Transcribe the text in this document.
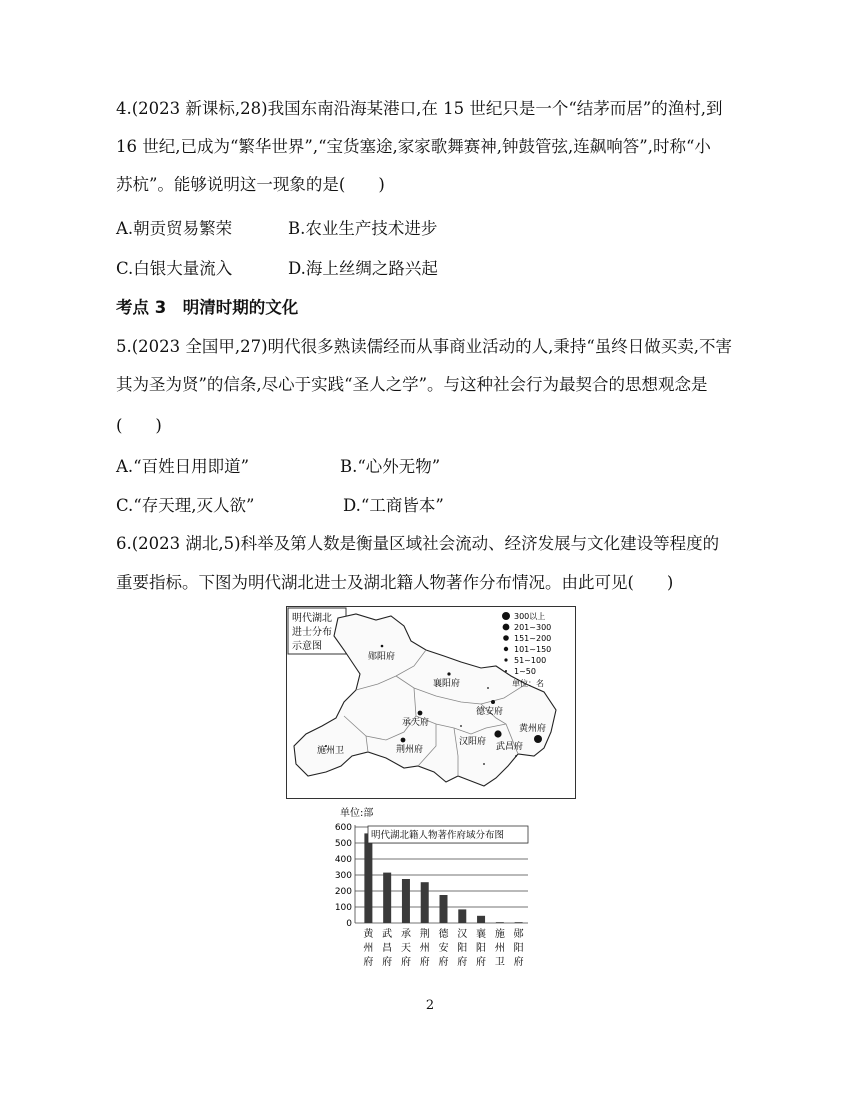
4.(2023 新课标,28)我国东南沿海某港口,在 15 世纪只是一个“结茅而居”的渔村,到
16 世纪,已成为“繁华世界”,“宝货塞途,家家歌舞赛神,钟鼓管弦,连飙响答”,时称“小
苏杭”。能够说明这一现象的是(　　)
A.朝贡贸易繁荣	B.农业生产技术进步
C.白银大量流入	D.海上丝绸之路兴起
考点 3　明清时期的文化
5.(2023 全国甲,27)明代很多熟读儒经而从事商业活动的人,秉持“虽终日做买卖,不害
其为圣为贤”的信条,尽心于实践“圣人之学”。与这种社会行为最契合的思想观念是
(　　)
A.“百姓日用即道”	B.“心外无物”
C.“存天理,灭人欲”	D.“工商皆本”
6.(2023 湖北,5)科举及第人数是衡量区域社会流动、经济发展与文化建设等程度的
重要指标。下图为明代湖北进士及湖北籍人物著作分布情况。由此可见(　　)
明代湖北
进士分布
示意图
300以上
201~300
151~200
101~150
51~100
1~50
单位：名
郧阳府
襄阳府
德安府
承天府
黄州府
施州卫	荆州府
汉阳府 武昌府
单位:部
0
100
200
300
400
500
600
明代湖北籍人物著作府域分布图
黄州府
武昌府
承天府
荆州府
德安府
汉阳府
襄阳府
施州卫
郧阳府
2
